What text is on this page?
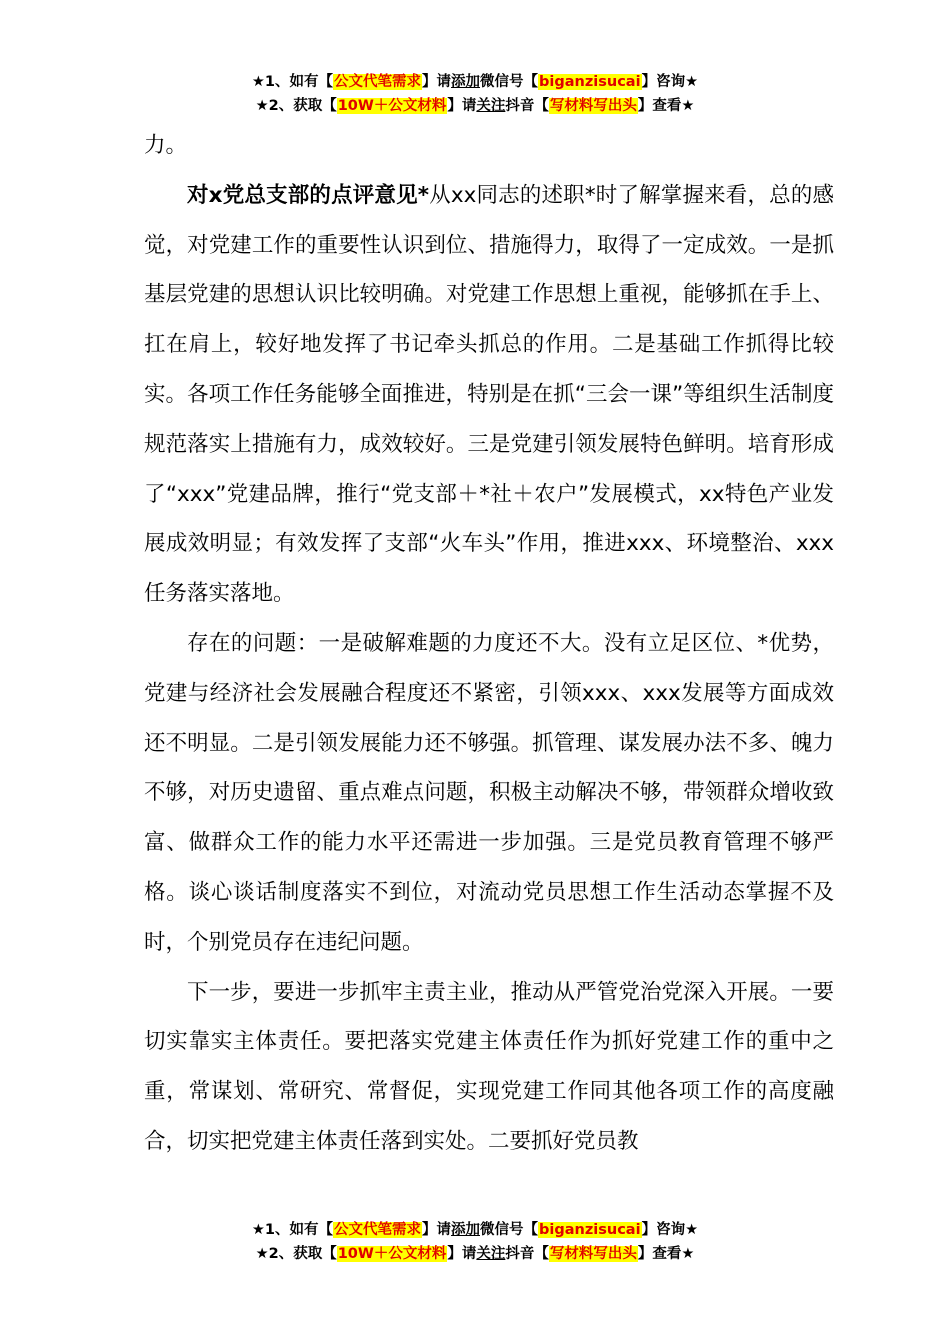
★1、如有【公文代笔需求】请添加微信号【biganzisucai】咨询★
★2、获取【10W＋公文材料】请关注抖音【写材料写出头】查看★

力。

对x党总支部的点评意见*从xx同志的述职*时了解掌握来看，总的感觉，对党建工作的重要性认识到位、措施得力，取得了一定成效。一是抓基层党建的思想认识比较明确。对党建工作思想上重视，能够抓在手上、扛在肩上，较好地发挥了书记牵头抓总的作用。二是基础工作抓得比较实。各项工作任务能够全面推进，特别是在抓“三会一课”等组织生活制度规范落实上措施有力，成效较好。三是党建引领发展特色鲜明。培育形成了“xxx”党建品牌，推行“党支部＋*社＋农户”发展模式，xx特色产业发展成效明显；有效发挥了支部“火车头”作用，推进xxx、环境整治、xxx任务落实落地。

存在的问题：一是破解难题的力度还不大。没有立足区位、*优势，党建与经济社会发展融合程度还不紧密，引领xxx、xxx发展等方面成效还不明显。二是引领发展能力还不够强。抓管理、谋发展办法不多、魄力不够，对历史遗留、重点难点问题，积极主动解决不够，带领群众增收致富、做群众工作的能力水平还需进一步加强。三是党员教育管理不够严格。谈心谈话制度落实不到位，对流动党员思想工作生活动态掌握不及时，个别党员存在违纪问题。

下一步，要进一步抓牢主责主业，推动从严管党治党深入开展。一要切实靠实主体责任。要把落实党建主体责任作为抓好党建工作的重中之重，常谋划、常研究、常督促，实现党建工作同其他各项工作的高度融合，切实把党建主体责任落到实处。二要抓好党员教

★1、如有【公文代笔需求】请添加微信号【biganzisucai】咨询★
★2、获取【10W＋公文材料】请关注抖音【写材料写出头】查看★
